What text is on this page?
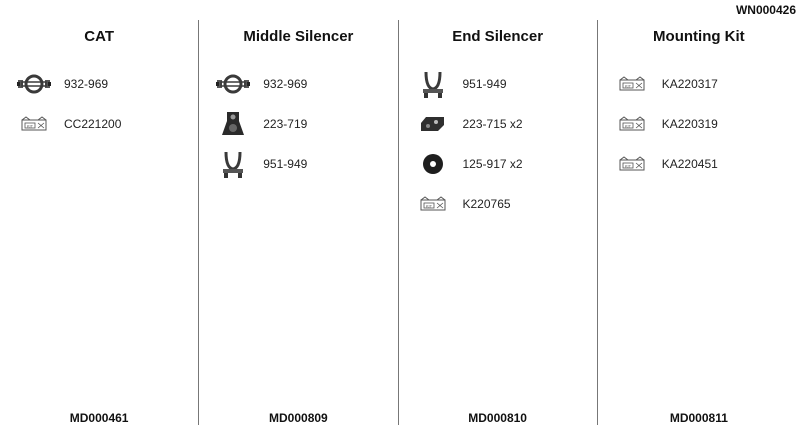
WN000426
CAT
932-969
KIT	CC221200
MD000461
Middle Silencer
932-969
223-719
951-949
MD000809
End Silencer
951-949
223-715 x2
125-917 x2
KIT	K220765
MD000810
Mounting Kit
KIT	KA220317
KIT	KA220319
KIT	KA220451
MD000811
